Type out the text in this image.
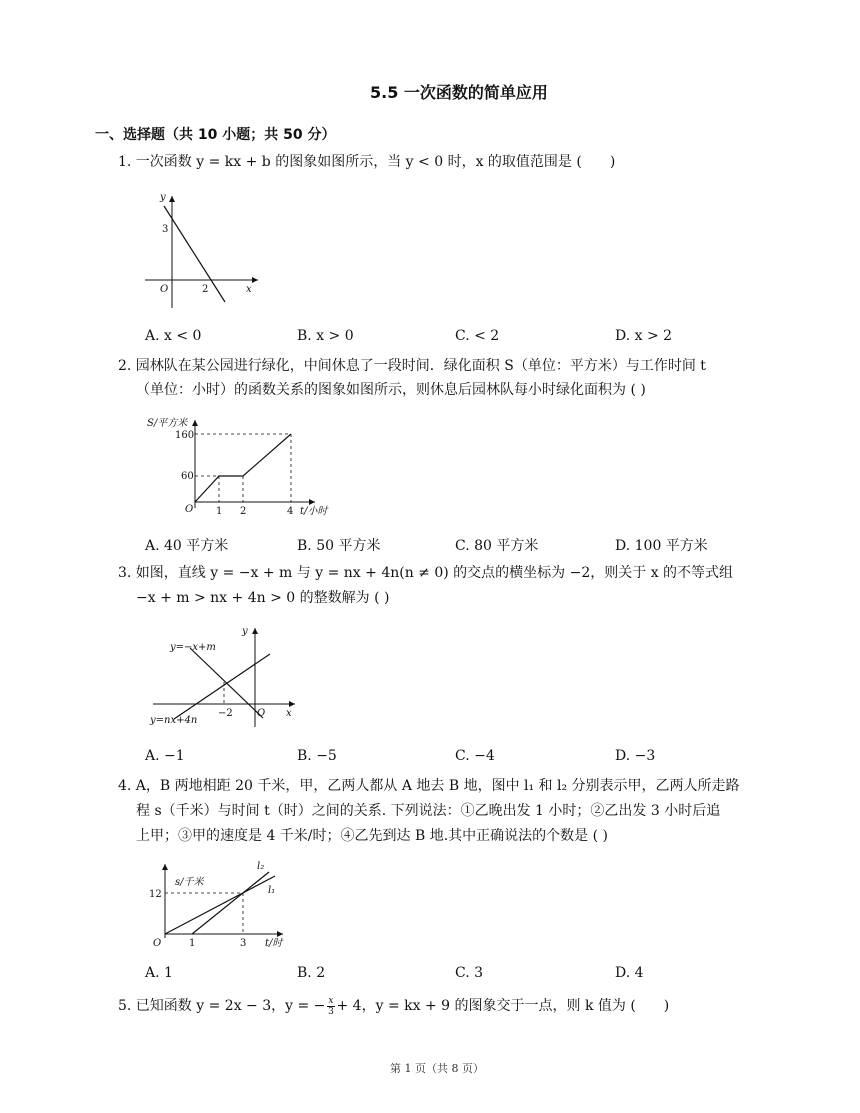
5.5 一次函数的简单应用
一、选择题（共 10 小题；共 50 分）
1. 一次函数 y = kx + b 的图象如图所示，当 y < 0 时，x 的取值范围是 (　　)
y
3
O	2	x
A. x < 0	B. x > 0	C. < 2	D. x > 2
2. 园林队在某公园进行绿化，中间休息了一段时间．绿化面积 S（单位：平方米）与工作时间 t
（单位：小时）的函数关系的图象如图所示，则休息后园林队每小时绿化面积为 ( )
S/平方米
160
60
O 1 2	4 t/小时
A. 40 平方米	B. 50 平方米	C. 80 平方米	D. 100 平方米
3. 如图，直线 y = −x + m 与 y = nx + 4n(n ≠ 0) 的交点的横坐标为 −2，则关于 x 的不等式组
−x + m > nx + 4n > 0 的整数解为 ( )
y=−x+m
y=nx+4n
−2 O x
y
A. −1	B. −5	C. −4	D. −3
4. A，B 两地相距 20 千米，甲，乙两人都从 A 地去 B 地，图中 l₁ 和 l₂ 分别表示甲，乙两人所走路
程 s（千米）与时间 t（时）之间的关系. 下列说法：①乙晚出发 1 小时；②乙出发 3 小时后追
上甲；③甲的速度是 4 千米/时；④乙先到达 B 地.其中正确说法的个数是 ( )
s/千米
12
O	1	3 t/时
l₂
l₁
A. 1	B. 2	C. 3	D. 4
5. 已知函数 y = 2x − 3，y = − $\frac{x}{3} + 4$，y = kx + 9 的图象交于一点，则 k 值为 (　　)
第 1 页（共 8 页）
